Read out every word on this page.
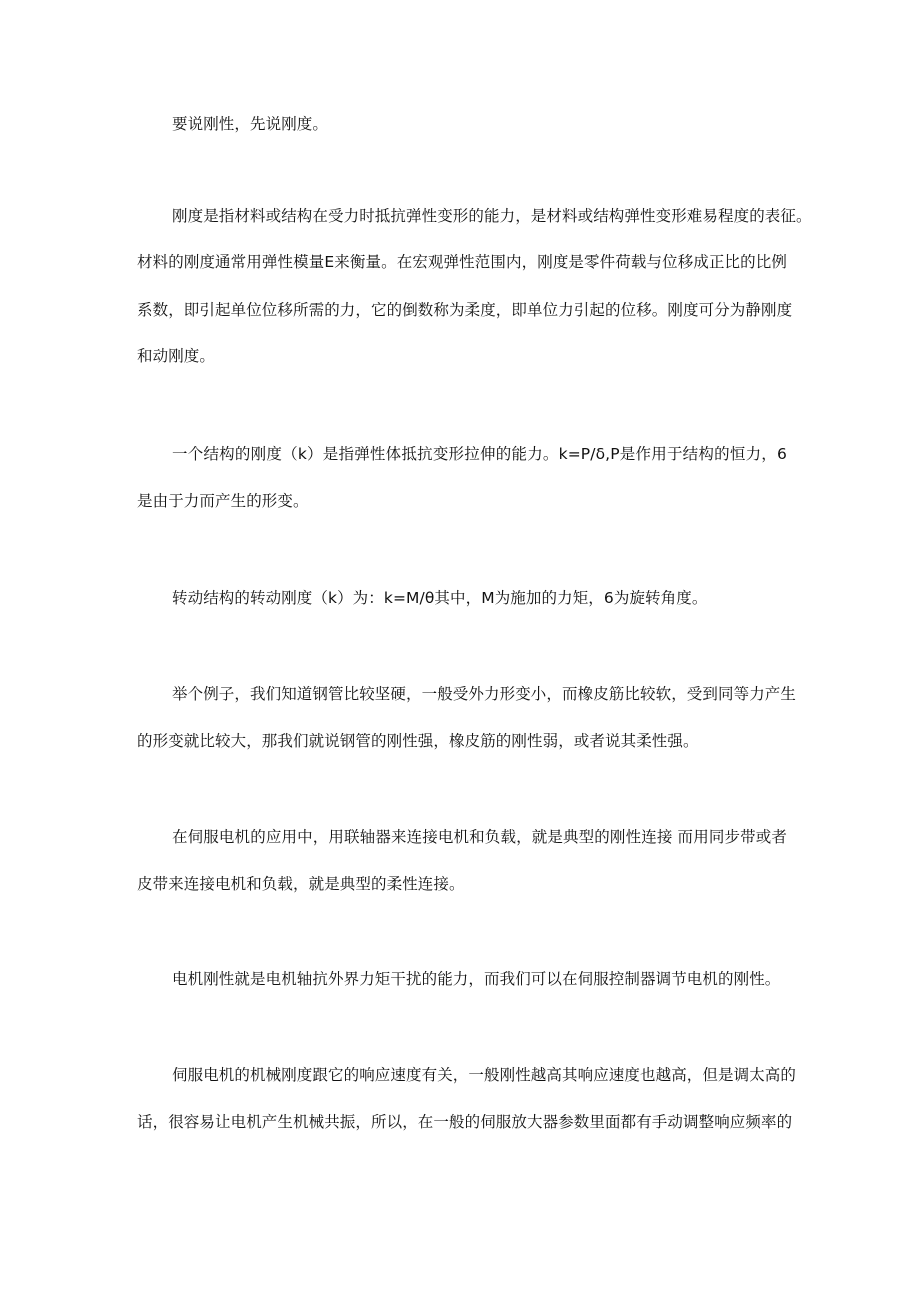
要说刚性，先说刚度。
刚度是指材料或结构在受力时抵抗弹性变形的能力，是材料或结构弹性变形难易程度的表征。
材料的刚度通常用弹性模量E来衡量。在宏观弹性范围内，刚度是零件荷载与位移成正比的比例
系数，即引起单位位移所需的力，它的倒数称为柔度，即单位力引起的位移。刚度可分为静刚度
和动刚度。
一个结构的刚度（k）是指弹性体抵抗变形拉伸的能力。k=P/δ,P是作用于结构的恒力，6
是由于力而产生的形变。
转动结构的转动刚度（k）为：k=M/θ其中，M为施加的力矩，6为旋转角度。
举个例子，我们知道钢管比较坚硬，一般受外力形变小，而橡皮筋比较软，受到同等力产生
的形变就比较大，那我们就说钢管的刚性强，橡皮筋的刚性弱，或者说其柔性强。
在伺服电机的应用中，用联轴器来连接电机和负载，就是典型的刚性连接 而用同步带或者
皮带来连接电机和负载，就是典型的柔性连接。
电机刚性就是电机轴抗外界力矩干扰的能力，而我们可以在伺服控制器调节电机的刚性。
伺服电机的机械刚度跟它的响应速度有关，一般刚性越高其响应速度也越高，但是调太高的
话，很容易让电机产生机械共振，所以，在一般的伺服放大器参数里面都有手动调整响应频率的
